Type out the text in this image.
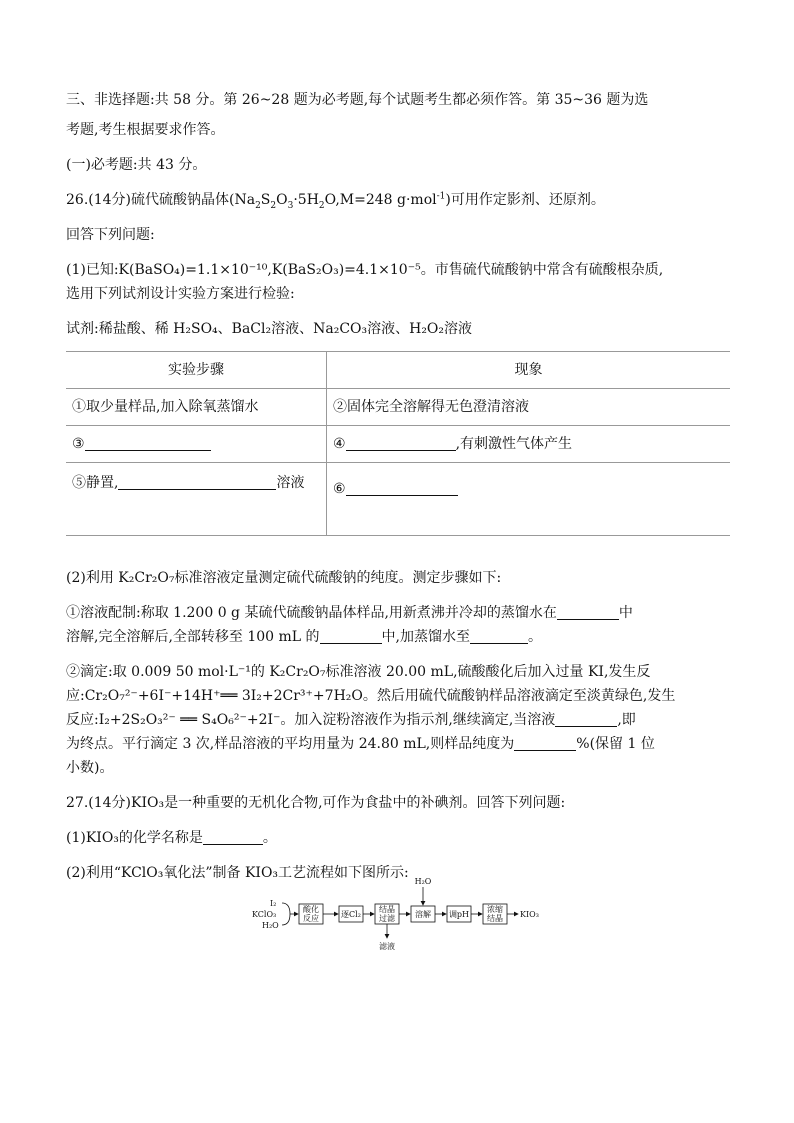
三、非选择题:共 58 分。第 26~28 题为必考题,每个试题考生都必须作答。第 35~36 题为选

考题,考生根据要求作答。

(一)必考题:共 43 分。

26.(14分)硫代硫酸钠晶体($Na_2S_2O_3\cdot 5H_2O,M=248$ g·mol$^{-1}$)可用作定影剂、还原剂。

回答下列问题:

(1)已知:K(BaSO₄)=1.1×10⁻¹⁰,K(BaS₂O₃)=4.1×10⁻⁵。市售硫代硫酸钠中常含有硫酸根杂质,

选用下列试剂设计实验方案进行检验:

试剂:稀盐酸、稀 H₂SO₄、BaCl₂溶液、Na₂CO₃溶液、H₂O₂溶液

实验步骤	现象
①取少量样品,加入除氧蒸馏水	②固体完全溶解得无色澄清溶液
③	④ ,有刺激性气体产生
⑤静置, 溶液	⑥

(2)利用 K₂Cr₂O₇标准溶液定量测定硫代硫酸钠的纯度。测定步骤如下:

①溶液配制:称取 1.200 0 g 某硫代硫酸钠晶体样品,用新煮沸并冷却的蒸馏水在	中

溶解,完全溶解后,全部转移至 100 mL 的	中,加蒸馏水至	。

②滴定:取 0.009 50 mol·L⁻¹的 K₂Cr₂O₇标准溶液 20.00 mL,硫酸酸化后加入过量 KI,发生反

应:Cr₂O₇²⁻+6I⁻+14H⁺══ 3I₂+2Cr³⁺+7H₂O。然后用硫代硫酸钠样品溶液滴定至淡黄绿色,发生

反应:I₂+2S₂O₃²⁻ ══ S₄O₆²⁻+2I⁻。加入淀粉溶液作为指示剂,继续滴定,当溶液	,即

为终点。平行滴定 3 次,样品溶液的平均用量为 24.80 mL,则样品纯度为	%(保留 1 位

小数)。

27.(14分)KIO₃是一种重要的无机化合物,可作为食盐中的补碘剂。回答下列问题:

(1)KIO₃的化学名称是	。

(2)利用“KClO₃氧化法”制备 KIO₃工艺流程如下图所示:

I₂
KClO₃
H₂O
酸化
反应	逐Cl₂
结晶
过滤
滤液
溶解
H₂O
调pH
浓缩
结晶 KIO₃
